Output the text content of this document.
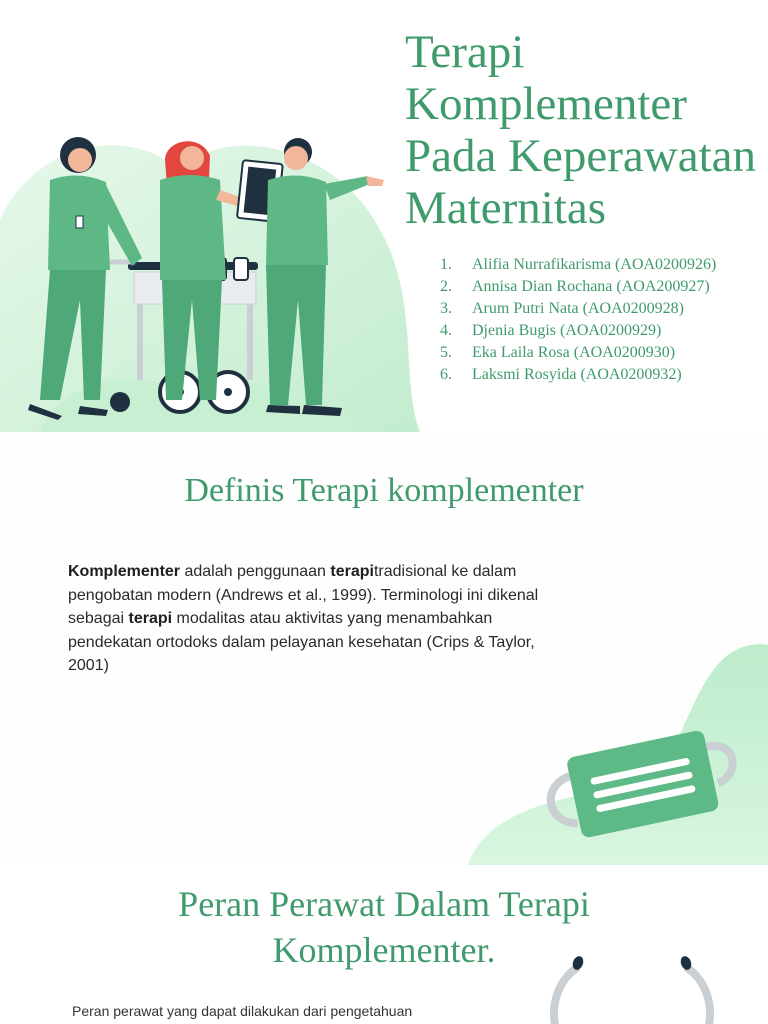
Terapi
Komplementer
Pada Keperawatan
Maternitas
1. Alifia Nurrafikarisma (AOA0200926)
2. Annisa Dian Rochana (AOA200927)
3. Arum Putri Nata (AOA0200928)
4. Djenia Bugis (AOA0200929)
5. Eka Laila Rosa (AOA0200930)
6. Laksmi Rosyida (AOA0200932)
Definis Terapi komplementer
Komplementer adalah penggunaan terapitradisional ke dalam pengobatan modern (Andrews et al., 1999). Terminologi ini dikenal sebagai terapi modalitas atau aktivitas yang menambahkan pendekatan ortodoks dalam pelayanan kesehatan (Crips & Taylor, 2001)
Peran Perawat Dalam Terapi
Komplementer.
Peran perawat yang dapat dilakukan dari pengetahuan
